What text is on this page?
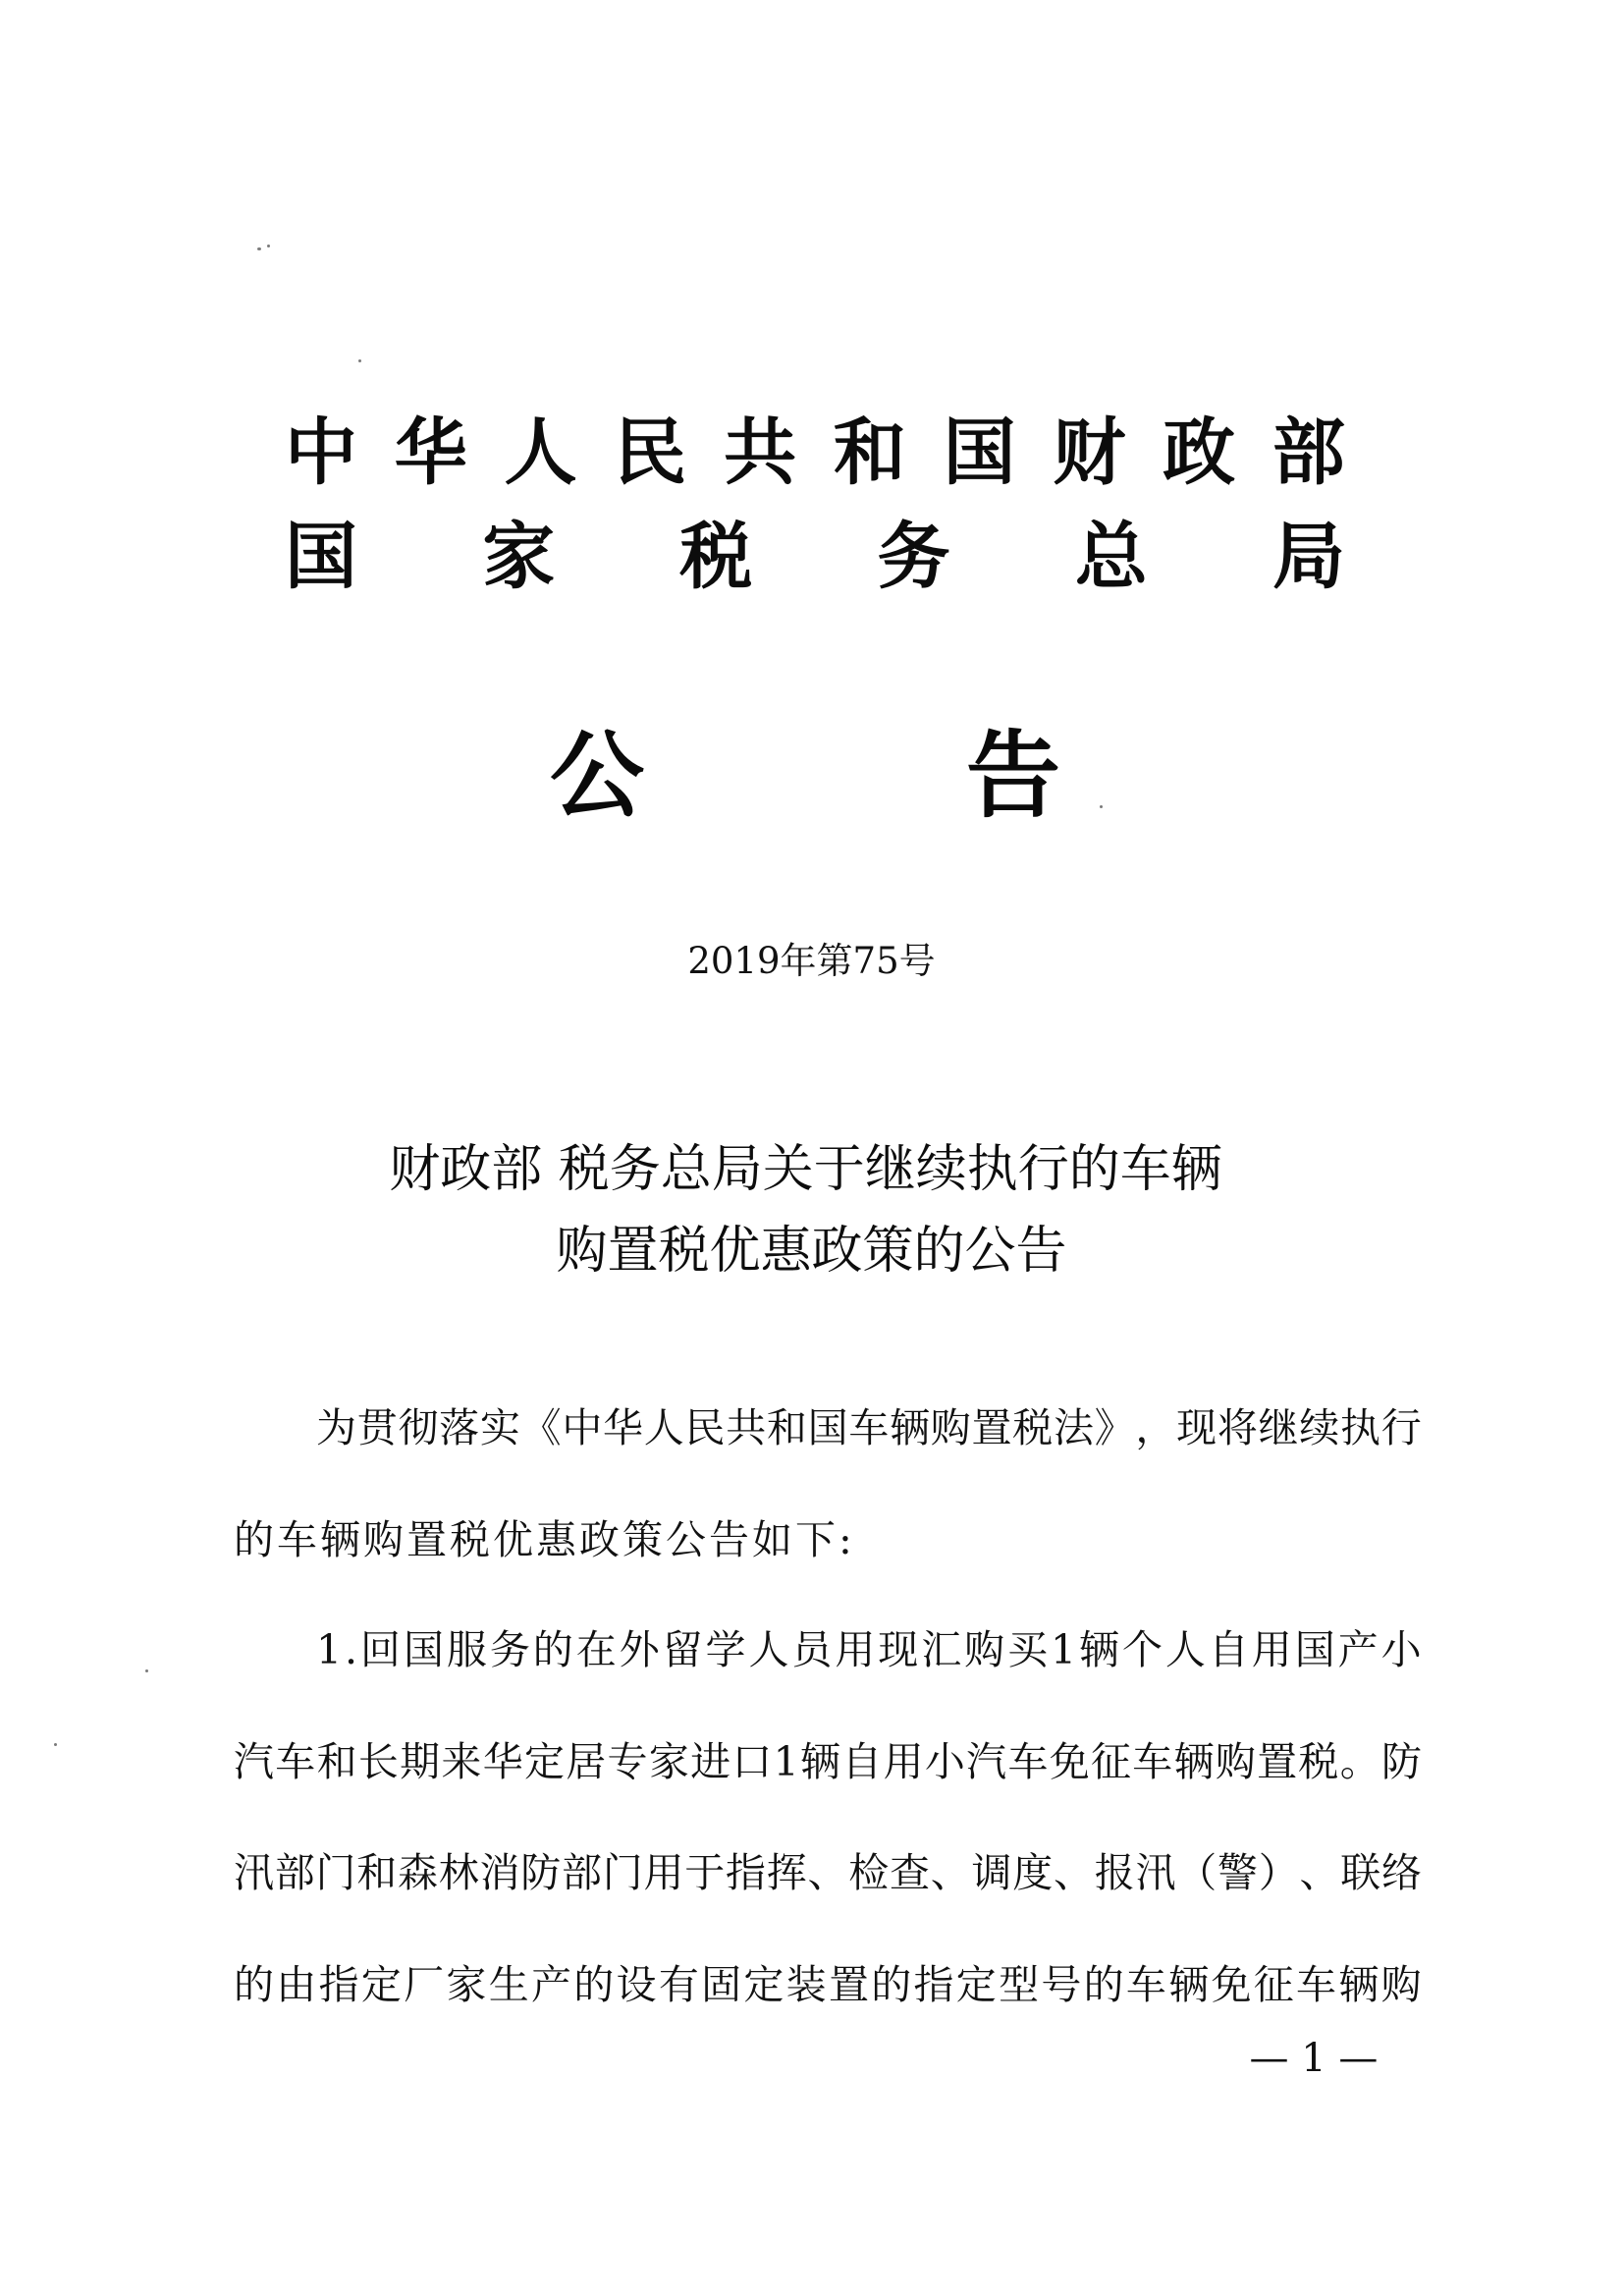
中 华 人 民 共 和 国 财 政 部
国 家 税 务 总 局
公	告
2019年第75号
财政部 税务总局关于继续执行的车辆
购置税优惠政策的公告
为 贯 彻 落 实 《 中 华 人 民 共 和 国 车 辆 购 置 税 法 》 ， 现 将 继 续 执 行
的车辆购置税优惠政策公告如下:
1 . 回 国 服 务 的 在 外 留 学 人 员 用 现 汇 购 买 1 辆 个 人 自 用 国 产 小
汽 车 和 长 期 来 华 定 居 专 家 进 口 1 辆 自 用 小 汽 车 免 征 车 辆 购 置 税 。 防
汛 部 门 和 森 林 消 防 部 门 用 于 指 挥 、 检 查 、 调 度 、 报 汛 （ 警 ） 、 联 络
的 由 指 定 厂 家 生 产 的 设 有 固 定 装 置 的 指 定 型 号 的 车 辆 免 征 车 辆 购
— 1 —
